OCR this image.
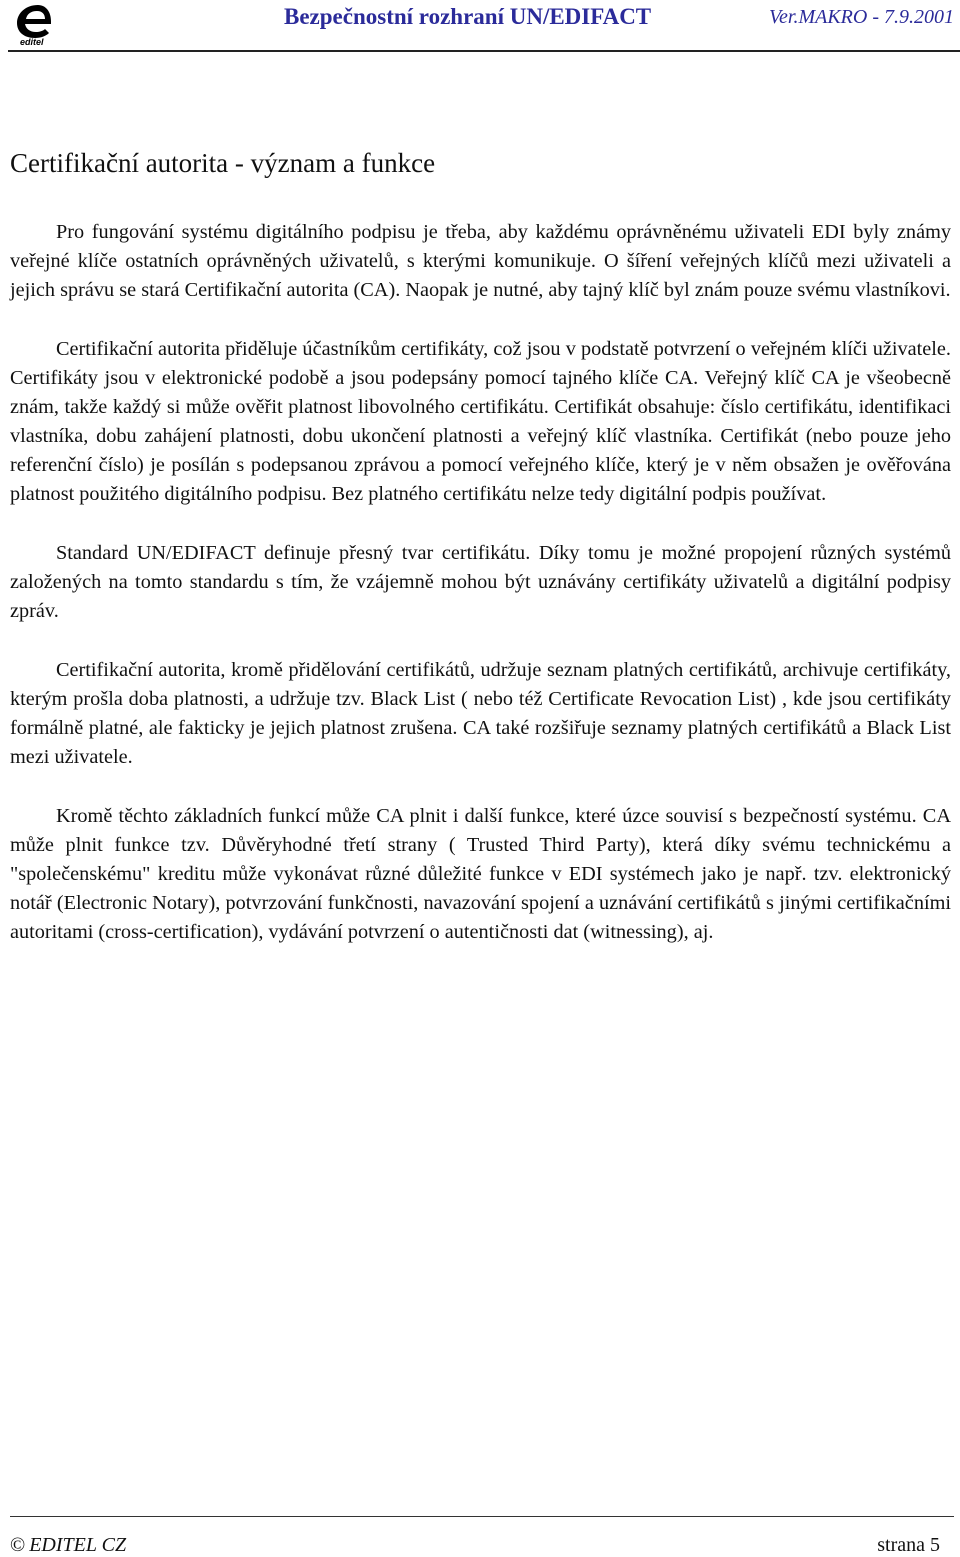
editel
Bezpečnostní rozhraní UN/EDIFACT	Ver.MAKRO - 7.9.2001
Certifikační autorita - význam a funkce

Pro fungování systému digitálního podpisu je třeba, aby každému oprávněnému uživateli EDI byly známy veřejné klíče ostatních oprávněných uživatelů, s kterými komunikuje. O šíření veřejných klíčů mezi uživateli a jejich správu se stará Certifikační autorita (CA). Naopak je nutné, aby tajný klíč byl znám pouze svému vlastníkovi.

Certifikační autorita přiděluje účastníkům certifikáty, což jsou v podstatě potvrzení o veřejném klíči uživatele. Certifikáty jsou v elektronické podobě a jsou podepsány pomocí tajného klíče CA. Veřejný klíč CA je všeobecně znám, takže každý si může ověřit platnost libovolného certifikátu. Certifikát obsahuje: číslo certifikátu, identifikaci vlastníka, dobu zahájení platnosti, dobu ukončení platnosti a veřejný klíč vlastníka. Certifikát (nebo pouze jeho referenční číslo) je posílán s podepsanou zprávou a pomocí veřejného klíče, který je v něm obsažen je ověřována platnost použitého digitálního podpisu. Bez platného certifikátu nelze tedy digitální podpis používat.

Standard UN/EDIFACT definuje přesný tvar certifikátu. Díky tomu je možné propojení různých systémů založených na tomto standardu s tím, že vzájemně mohou být uznávány certifikáty uživatelů a digitální podpisy zpráv.

Certifikační autorita, kromě přidělování certifikátů, udržuje seznam platných certifikátů, archivuje certifikáty, kterým prošla doba platnosti, a udržuje tzv. Black List ( nebo též Certificate Revocation List) , kde jsou certifikáty formálně platné, ale fakticky je jejich platnost zrušena. CA také rozšiřuje seznamy platných certifikátů a Black List mezi uživatele.

Kromě těchto základních funkcí může CA plnit i další funkce, které úzce souvisí s bezpečností systému. CA může plnit funkce tzv. Důvěryhodné třetí strany ( Trusted Third Party), která díky svému technickému a "společenskému" kreditu může vykonávat různé důležité funkce v EDI systémech jako je např. tzv. elektronický notář (Electronic Notary), potvrzování funkčnosti, navazování spojení a uznávání certifikátů s jinými certifikačními autoritami (cross-certification), vydávání potvrzení o autentičnosti dat (witnessing), aj.

© EDITEL CZ	strana 5
